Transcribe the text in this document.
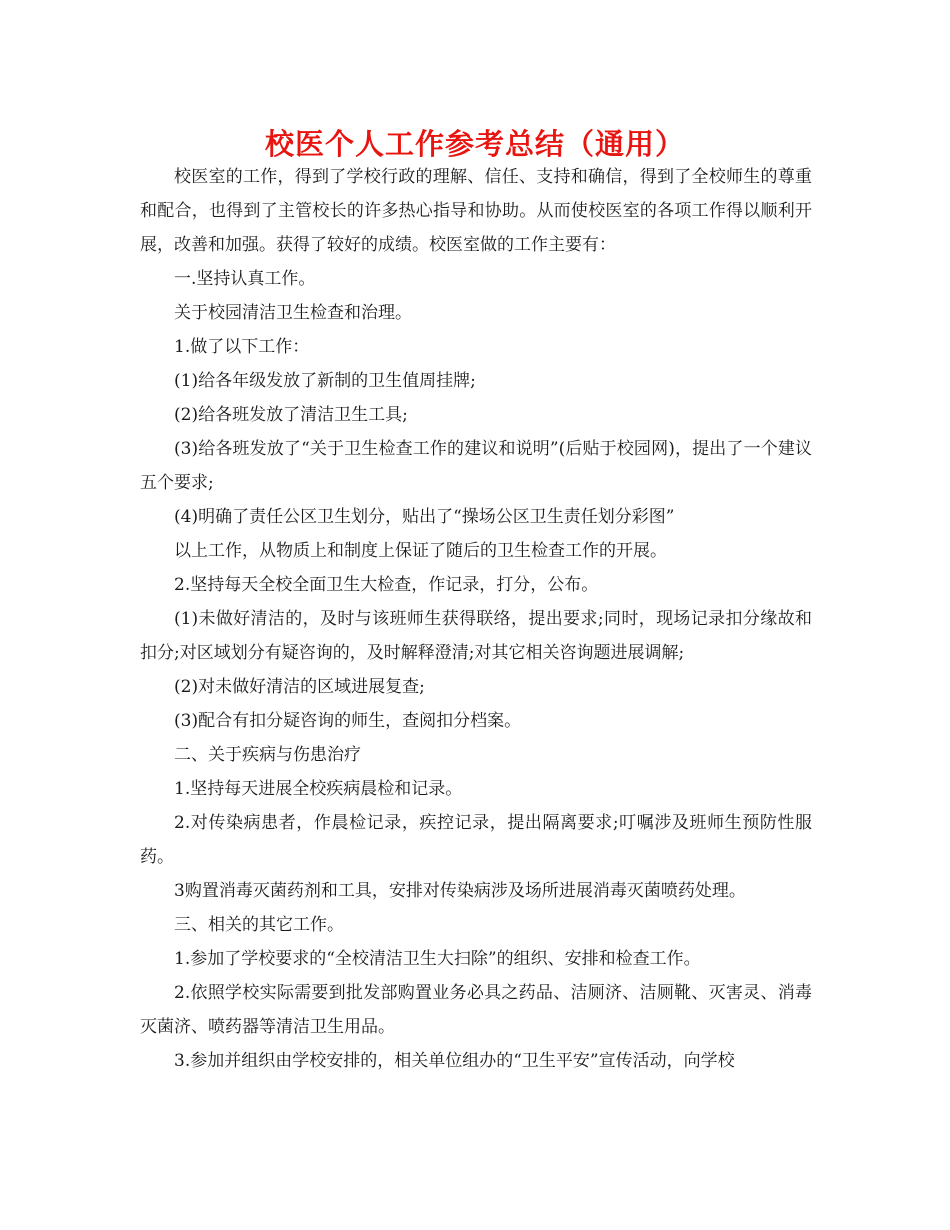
校医个人工作参考总结（通用）

校医室的工作，得到了学校行政的理解、信任、支持和确信，得到了全校师生的尊重和配合，也得到了主管校长的许多热心指导和协助。从而使校医室的各项工作得以顺利开展，改善和加强。获得了较好的成绩。校医室做的工作主要有：

一.坚持认真工作。

关于校园清洁卫生检查和治理。

1.做了以下工作：

(1)给各年级发放了新制的卫生值周挂牌;

(2)给各班发放了清洁卫生工具;

(3)给各班发放了“关于卫生检查工作的建议和说明”(后贴于校园网)，提出了一个建议五个要求;

(4)明确了责任公区卫生划分，贴出了“操场公区卫生责任划分彩图”

以上工作，从物质上和制度上保证了随后的卫生检查工作的开展。

2.坚持每天全校全面卫生大检查，作记录，打分，公布。

(1)未做好清洁的，及时与该班师生获得联络，提出要求;同时，现场记录扣分缘故和扣分;对区域划分有疑咨询的，及时解释澄清;对其它相关咨询题进展调解;

(2)对未做好清洁的区域进展复查;

(3)配合有扣分疑咨询的师生，查阅扣分档案。

二、关于疾病与伤患治疗

1.坚持每天进展全校疾病晨检和记录。

2.对传染病患者，作晨检记录，疾控记录，提出隔离要求;叮嘱涉及班师生预防性服药。

3购置消毒灭菌药剂和工具，安排对传染病涉及场所进展消毒灭菌喷药处理。

三、相关的其它工作。

1.参加了学校要求的“全校清洁卫生大扫除”的组织、安排和检查工作。

2.依照学校实际需要到批发部购置业务必具之药品、洁厕济、洁厕靴、灭害灵、消毒灭菌济、喷药器等清洁卫生用品。

3.参加并组织由学校安排的，相关单位组办的“卫生平安”宣传活动，向学校
